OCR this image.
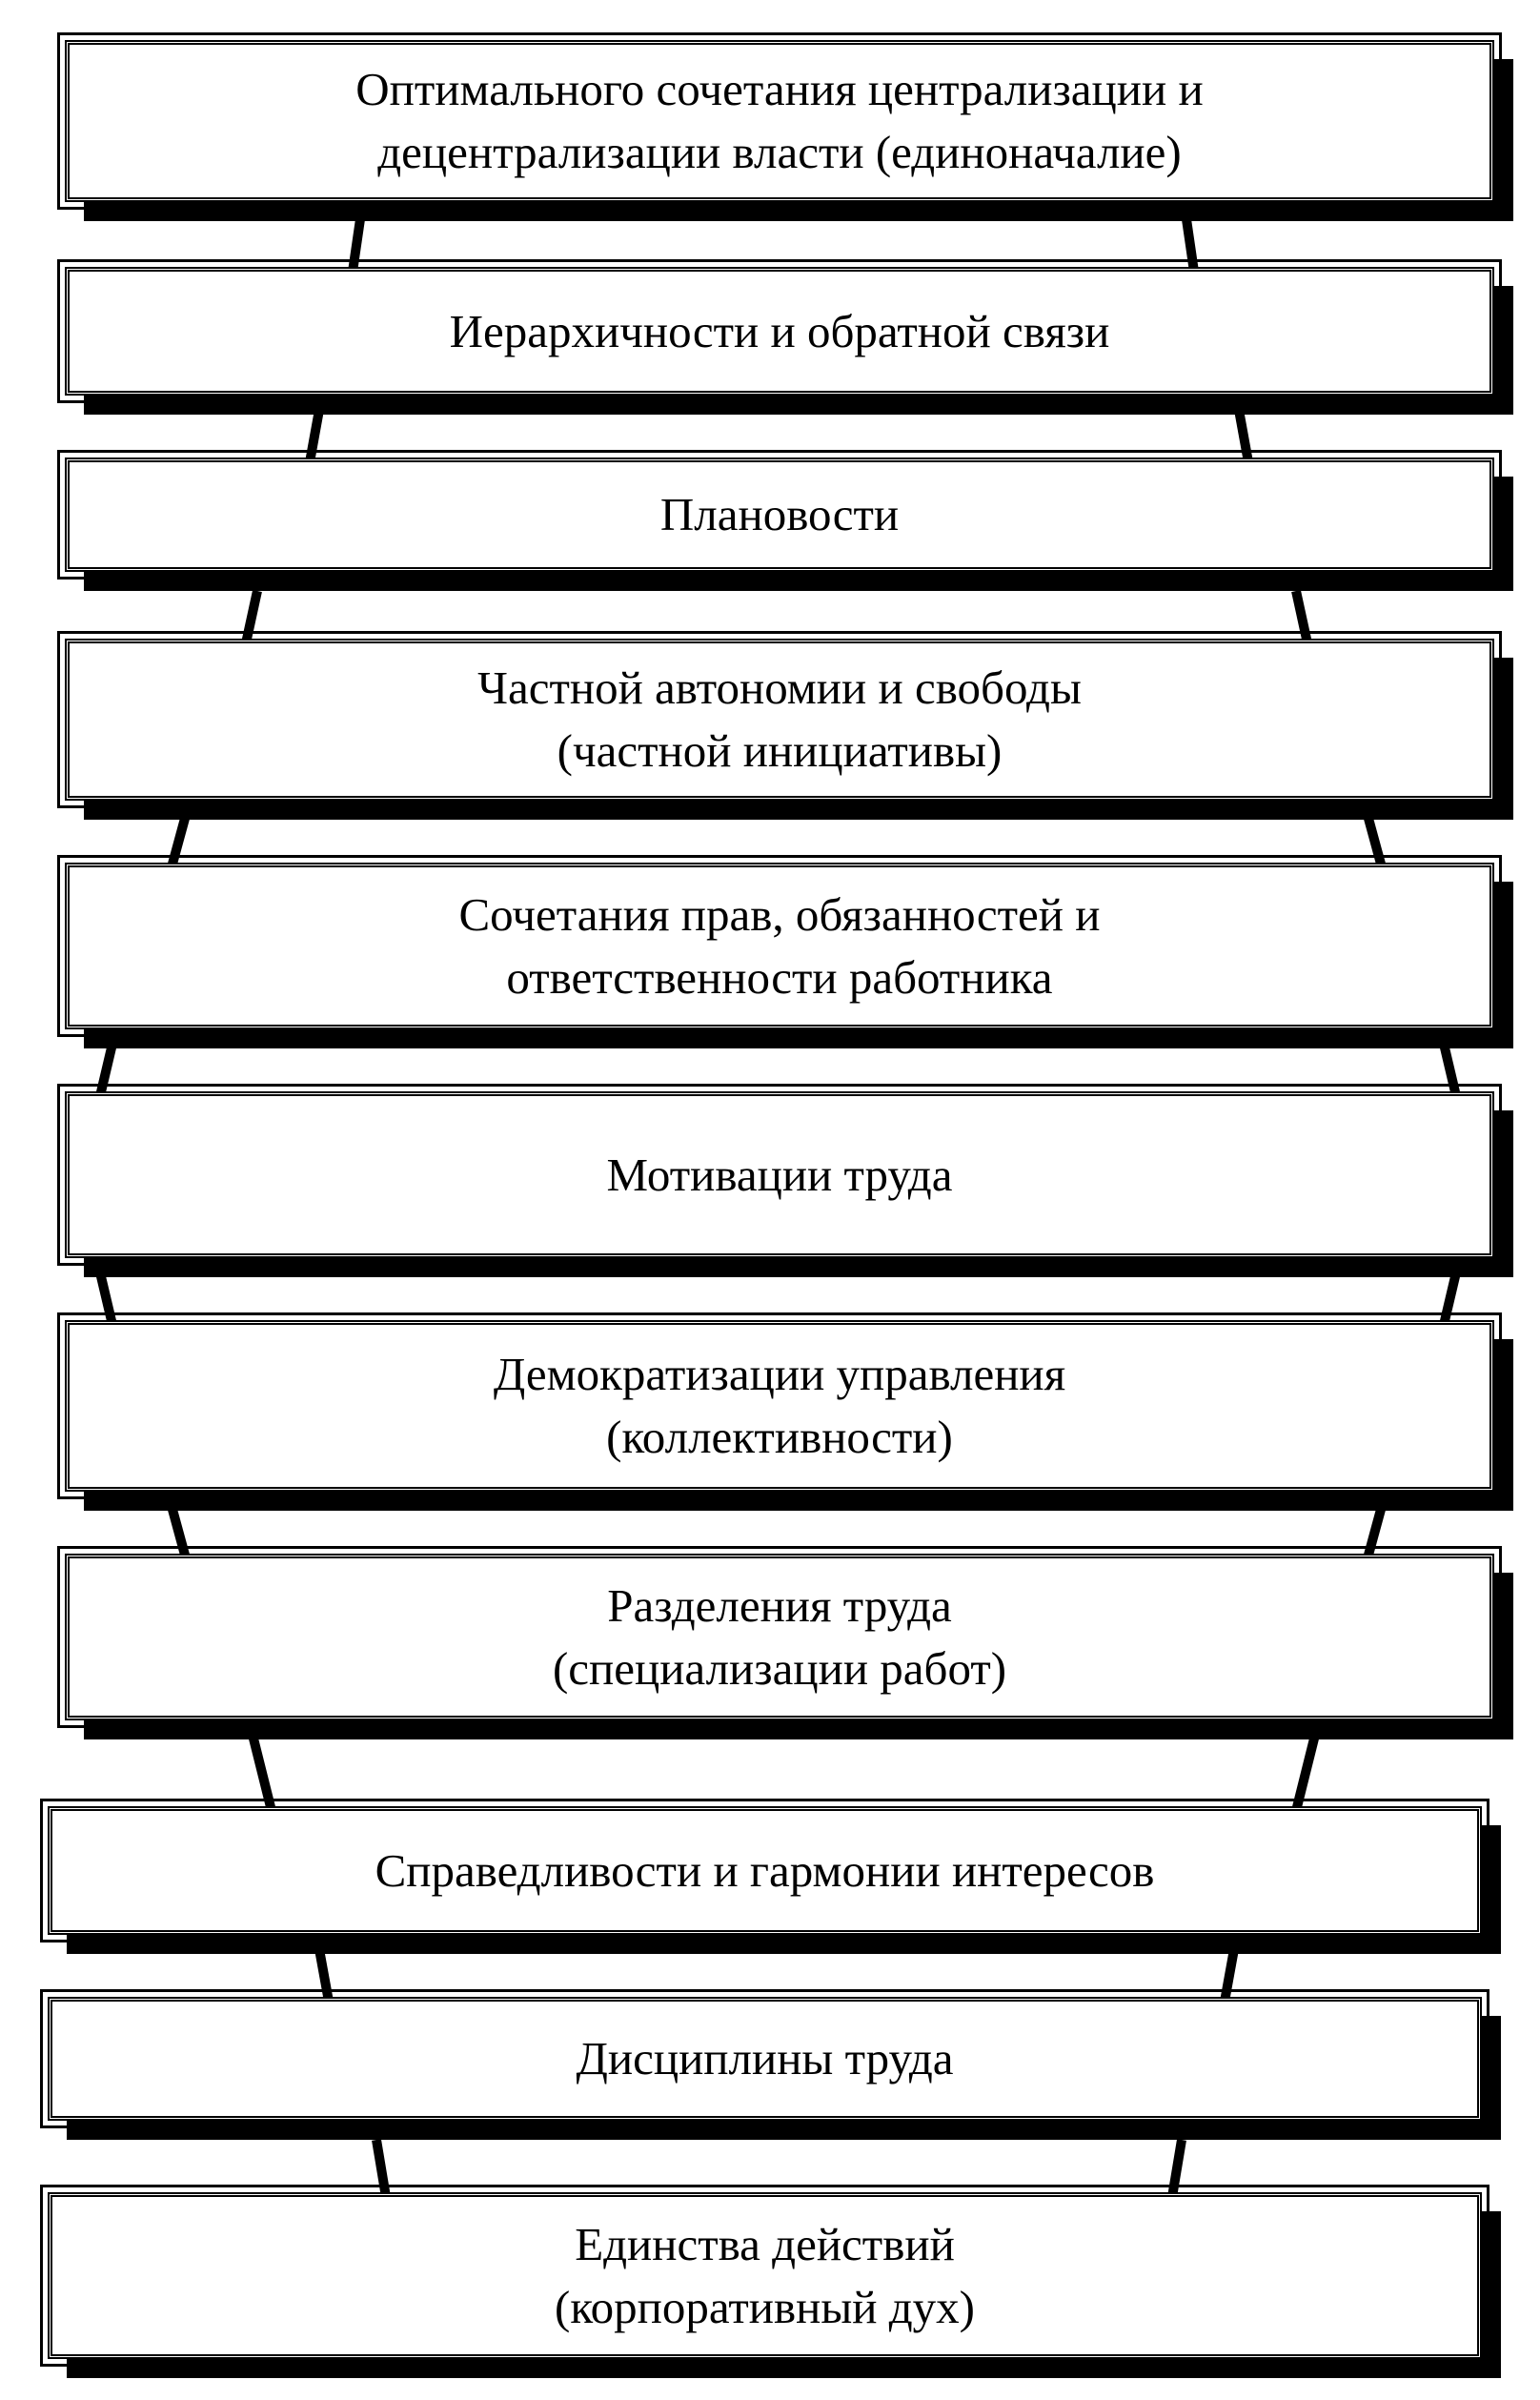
Оптимального сочетания централизации и
децентрализации власти (единоначалие)
Иерархичности и обратной связи
Плановости
Частной автономии и свободы
(частной инициативы)
Сочетания прав, обязанностей и
ответственности работника
Мотивации труда
Демократизации управления
(коллективности)
Разделения труда
(специализации работ)
Справедливости и гармонии интересов
Дисциплины труда
Единства действий
(корпоративный дух)
